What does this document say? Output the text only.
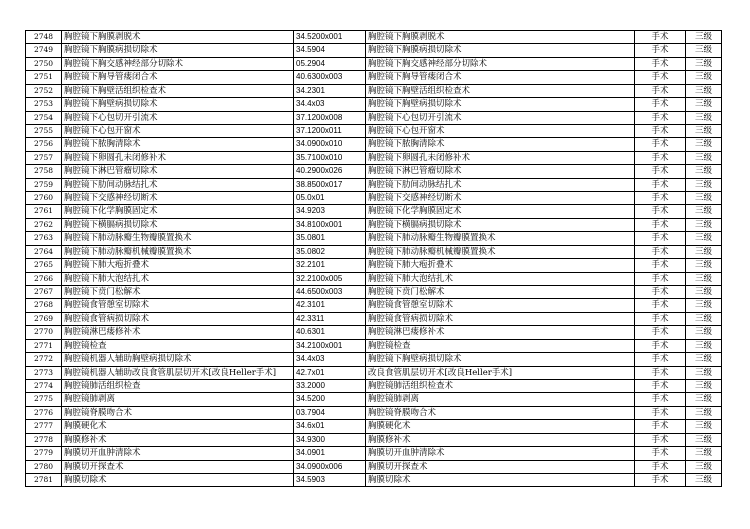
2748	胸腔镜下胸膜剥脱术	34.5200x001	胸腔镜下胸膜剥脱术	手术	三级
2749	胸腔镜下胸膜病损切除术	34.5904	胸腔镜下胸膜病损切除术	手术	三级
2750	胸腔镜下胸交感神经部分切除术	05.2904	胸腔镜下胸交感神经部分切除术	手术	三级
2751	胸腔镜下胸导管瘘闭合术	40.6300x003	胸腔镜下胸导管瘘闭合术	手术	三级
2752	胸腔镜下胸壁活组织检查术	34.2301	胸腔镜下胸壁活组织检查术	手术	三级
2753	胸腔镜下胸壁病损切除术	34.4x03	胸腔镜下胸壁病损切除术	手术	三级
2754	胸腔镜下心包切开引流术	37.1200x008	胸腔镜下心包切开引流术	手术	三级
2755	胸腔镜下心包开窗术	37.1200x011	胸腔镜下心包开窗术	手术	三级
2756	胸腔镜下脓胸清除术	34.0900x010	胸腔镜下脓胸清除术	手术	三级
2757	胸腔镜下卵圆孔未闭修补术	35.7100x010	胸腔镜下卵圆孔未闭修补术	手术	三级
2758	胸腔镜下淋巴管瘤切除术	40.2900x026	胸腔镜下淋巴管瘤切除术	手术	三级
2759	胸腔镜下肋间动脉结扎术	38.8500x017	胸腔镜下肋间动脉结扎术	手术	三级
2760	胸腔镜下交感神经切断术	05.0x01	胸腔镜下交感神经切断术	手术	三级
2761	胸腔镜下化学胸膜固定术	34.9203	胸腔镜下化学胸膜固定术	手术	三级
2762	胸腔镜下横膈病损切除术	34.8100x001	胸腔镜下横膈病损切除术	手术	三级
2763	胸腔镜下肺动脉瓣生物瓣膜置换术	35.0801	胸腔镜下肺动脉瓣生物瓣膜置换术	手术	三级
2764	胸腔镜下肺动脉瓣机械瓣膜置换术	35.0802	胸腔镜下肺动脉瓣机械瓣膜置换术	手术	三级
2765	胸腔镜下肺大疱折叠术	32.2101	胸腔镜下肺大疱折叠术	手术	三级
2766	胸腔镜下肺大泡结扎术	32.2100x005	胸腔镜下肺大泡结扎术	手术	三级
2767	胸腔镜下贲门松解术	44.6500x003	胸腔镜下贲门松解术	手术	三级
2768	胸腔镜食管憩室切除术	42.3101	胸腔镜食管憩室切除术	手术	三级
2769	胸腔镜食管病损切除术	42.3311	胸腔镜食管病损切除术	手术	三级
2770	胸腔镜淋巴瘘修补术	40.6301	胸腔镜淋巴瘘修补术	手术	三级
2771	胸腔镜检查	34.2100x001	胸腔镜检查	手术	三级
2772	胸腔镜机器人辅助胸壁病损切除术	34.4x03	胸腔镜下胸壁病损切除术	手术	三级
2773	胸腔镜机器人辅助改良食管肌层切开术[改良Heller手术]	42.7x01	改良食管肌层切开术[改良Heller手术]	手术	三级
2774	胸腔镜肺活组织检查	33.2000	胸腔镜肺活组织检查术	手术	三级
2775	胸腔镜肺剥离	34.5200	胸腔镜肺剥离	手术	三级
2776	胸腔镜脊膜吻合术	03.7904	胸腔镜脊膜吻合术	手术	三级
2777	胸膜硬化术	34.6x01	胸膜硬化术	手术	三级
2778	胸膜修补术	34.9300	胸膜修补术	手术	三级
2779	胸膜切开血肿清除术	34.0901	胸膜切开血肿清除术	手术	三级
2780	胸膜切开探查术	34.0900x006	胸膜切开探查术	手术	三级
2781	胸膜切除术	34.5903	胸膜切除术	手术	三级
